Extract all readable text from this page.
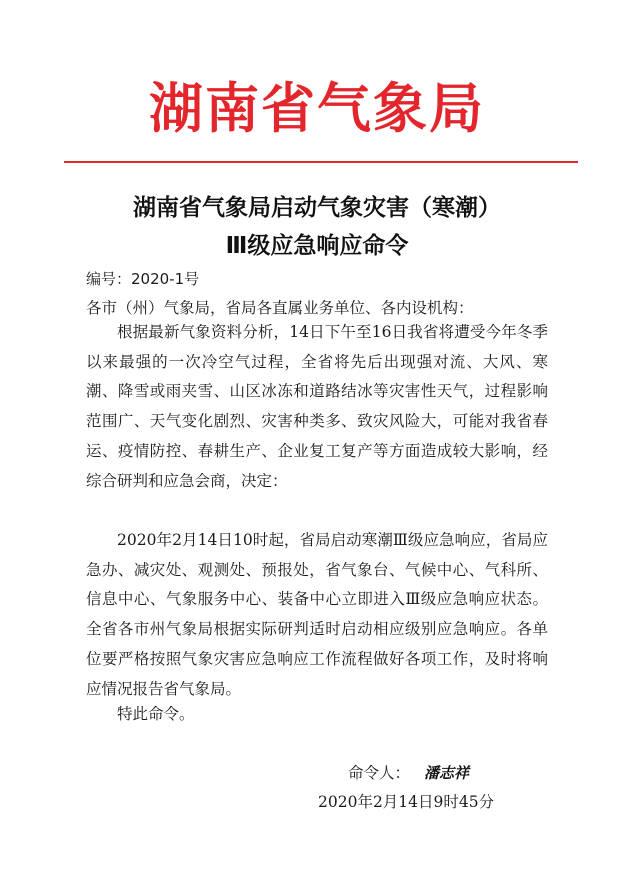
湖南省气象局
湖南省气象局启动气象灾害（寒潮）
Ⅲ级应急响应命令
编号：2020-1号
各市（州）气象局，省局各直属业务单位、各内设机构：

根据最新气象资料分析，14日下午至16日我省将遭受今年冬季以来最强的一次冷空气过程，全省将先后出现强对流、大风、寒潮、降雪或雨夹雪、山区冰冻和道路结冰等灾害性天气，过程影响范围广、天气变化剧烈、灾害种类多、致灾风险大，可能对我省春运、疫情防控、春耕生产、企业复工复产等方面造成较大影响，经综合研判和应急会商，决定：

2020年2月14日10时起，省局启动寒潮Ⅲ级应急响应，省局应急办、减灾处、观测处、预报处，省气象台、气候中心、气科所、信息中心、气象服务中心、装备中心立即进入Ⅲ级应急响应状态。全省各市州气象局根据实际研判适时启动相应级别应急响应。各单位要严格按照气象灾害应急响应工作流程做好各项工作，及时将响应情况报告省气象局。

特此命令。

命令人： 潘志祥
2020年2月14日9时45分
